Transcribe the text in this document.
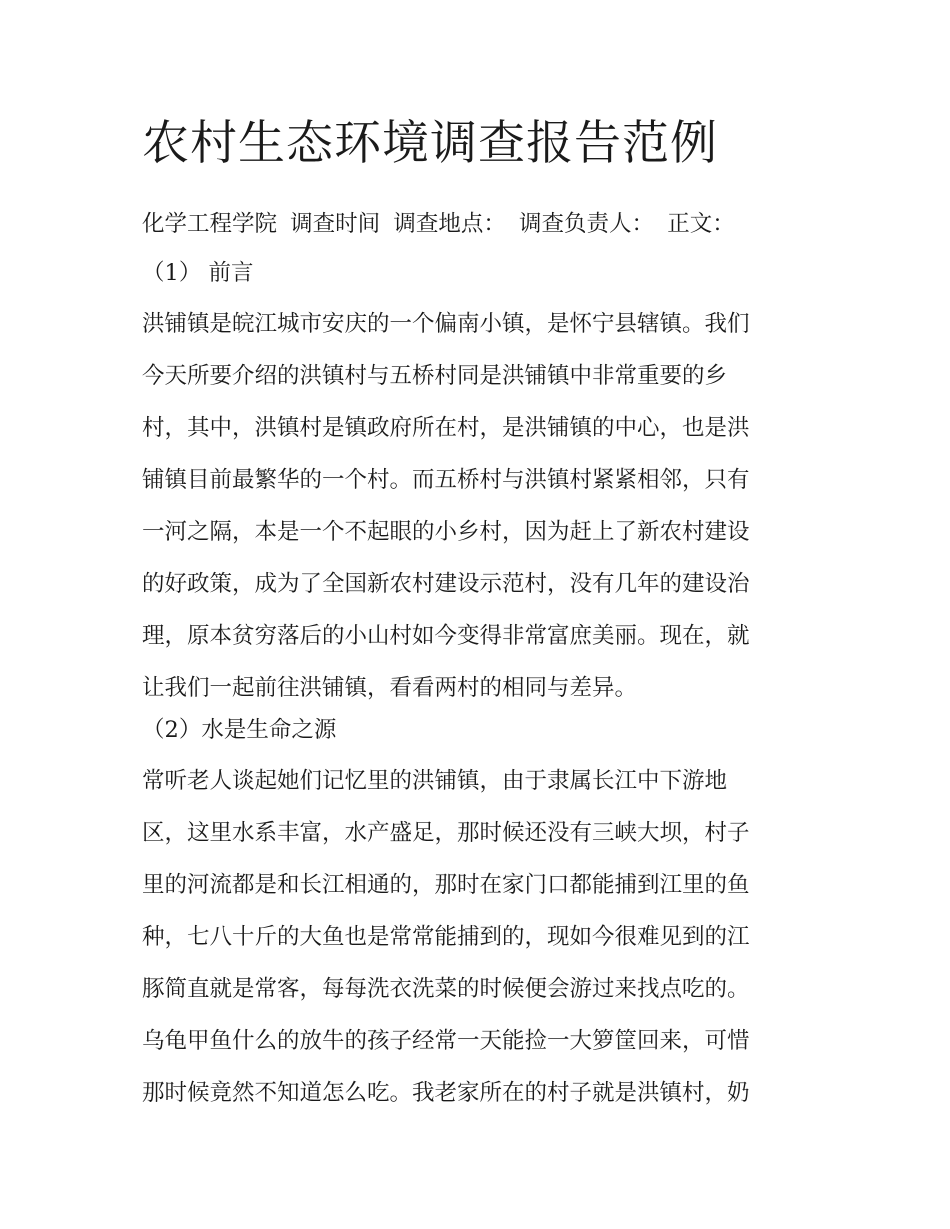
农村生态环境调查报告范例
化学工程学院 调查时间 调查地点： 调查负责人： 正文：
（1） 前言
洪铺镇是皖江城市安庆的一个偏南小镇，是怀宁县辖镇。我们
今天所要介绍的洪镇村与五桥村同是洪铺镇中非常重要的乡
村，其中，洪镇村是镇政府所在村，是洪铺镇的中心，也是洪
铺镇目前最繁华的一个村。而五桥村与洪镇村紧紧相邻，只有
一河之隔，本是一个不起眼的小乡村，因为赶上了新农村建设
的好政策，成为了全国新农村建设示范村，没有几年的建设治
理，原本贫穷落后的小山村如今变得非常富庶美丽。现在，就
让我们一起前往洪铺镇，看看两村的相同与差异。
（2）水是生命之源
常听老人谈起她们记忆里的洪铺镇，由于隶属长江中下游地
区，这里水系丰富，水产盛足，那时候还没有三峡大坝，村子
里的河流都是和长江相通的，那时在家门口都能捕到江里的鱼
种，七八十斤的大鱼也是常常能捕到的，现如今很难见到的江
豚简直就是常客，每每洗衣洗菜的时候便会游过来找点吃的。
乌龟甲鱼什么的放牛的孩子经常一天能捡一大箩筐回来，可惜
那时候竟然不知道怎么吃。我老家所在的村子就是洪镇村，奶
